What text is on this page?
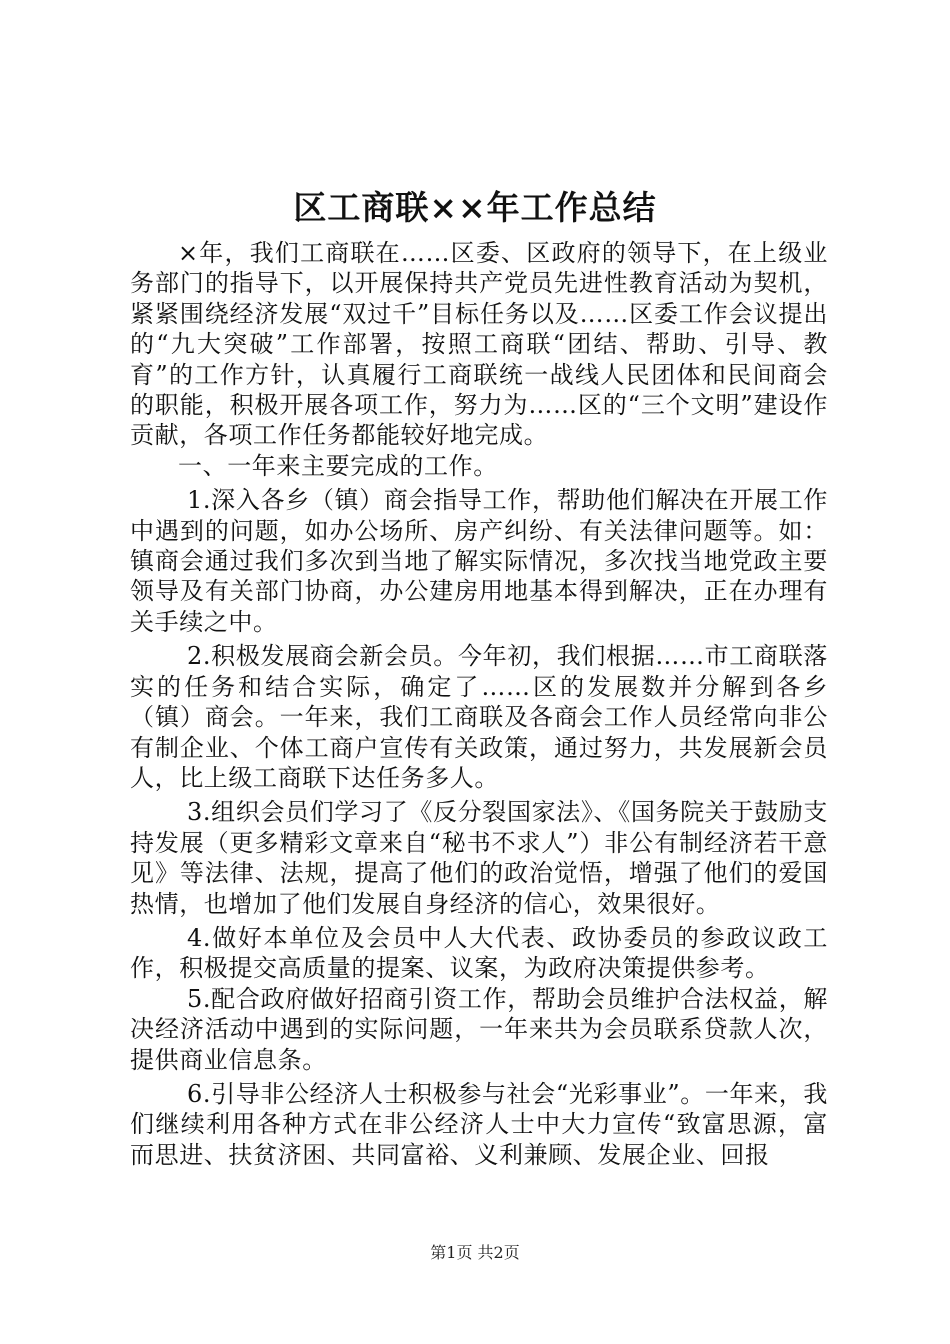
区工商联××年工作总结

×年，我们工商联在……区委、区政府的领导下，在上级业务部门的指导下，以开展保持共产党员先进性教育活动为契机，紧紧围绕经济发展“双过千”目标任务以及……区委工作会议提出的“九大突破”工作部署，按照工商联“团结、帮助、引导、教育”的工作方针，认真履行工商联统一战线人民团体和民间商会的职能，积极开展各项工作，努力为……区的“三个文明”建设作贡献，各项工作任务都能较好地完成。

一、一年来主要完成的工作。

1.深入各乡（镇）商会指导工作，帮助他们解决在开展工作中遇到的问题，如办公场所、房产纠纷、有关法律问题等。如：镇商会通过我们多次到当地了解实际情况，多次找当地党政主要领导及有关部门协商，办公建房用地基本得到解决，正在办理有关手续之中。

2.积极发展商会新会员。今年初，我们根据……市工商联落实的任务和结合实际，确定了……区的发展数并分解到各乡（镇）商会。一年来，我们工商联及各商会工作人员经常向非公有制企业、个体工商户宣传有关政策，通过努力，共发展新会员人，比上级工商联下达任务多人。

3.组织会员们学习了《反分裂国家法》、《国务院关于鼓励支持发展（更多精彩文章来自“秘书不求人”）非公有制经济若干意见》等法律、法规，提高了他们的政治觉悟，增强了他们的爱国热情，也增加了他们发展自身经济的信心，效果很好。

4.做好本单位及会员中人大代表、政协委员的参政议政工作，积极提交高质量的提案、议案，为政府决策提供参考。

5.配合政府做好招商引资工作，帮助会员维护合法权益，解决经济活动中遇到的实际问题，一年来共为会员联系贷款人次，提供商业信息条。

6.引导非公经济人士积极参与社会“光彩事业”。一年来，我们继续利用各种方式在非公经济人士中大力宣传“致富思源，富而思进、扶贫济困、共同富裕、义利兼顾、发展企业、回报

第1页 共2页
